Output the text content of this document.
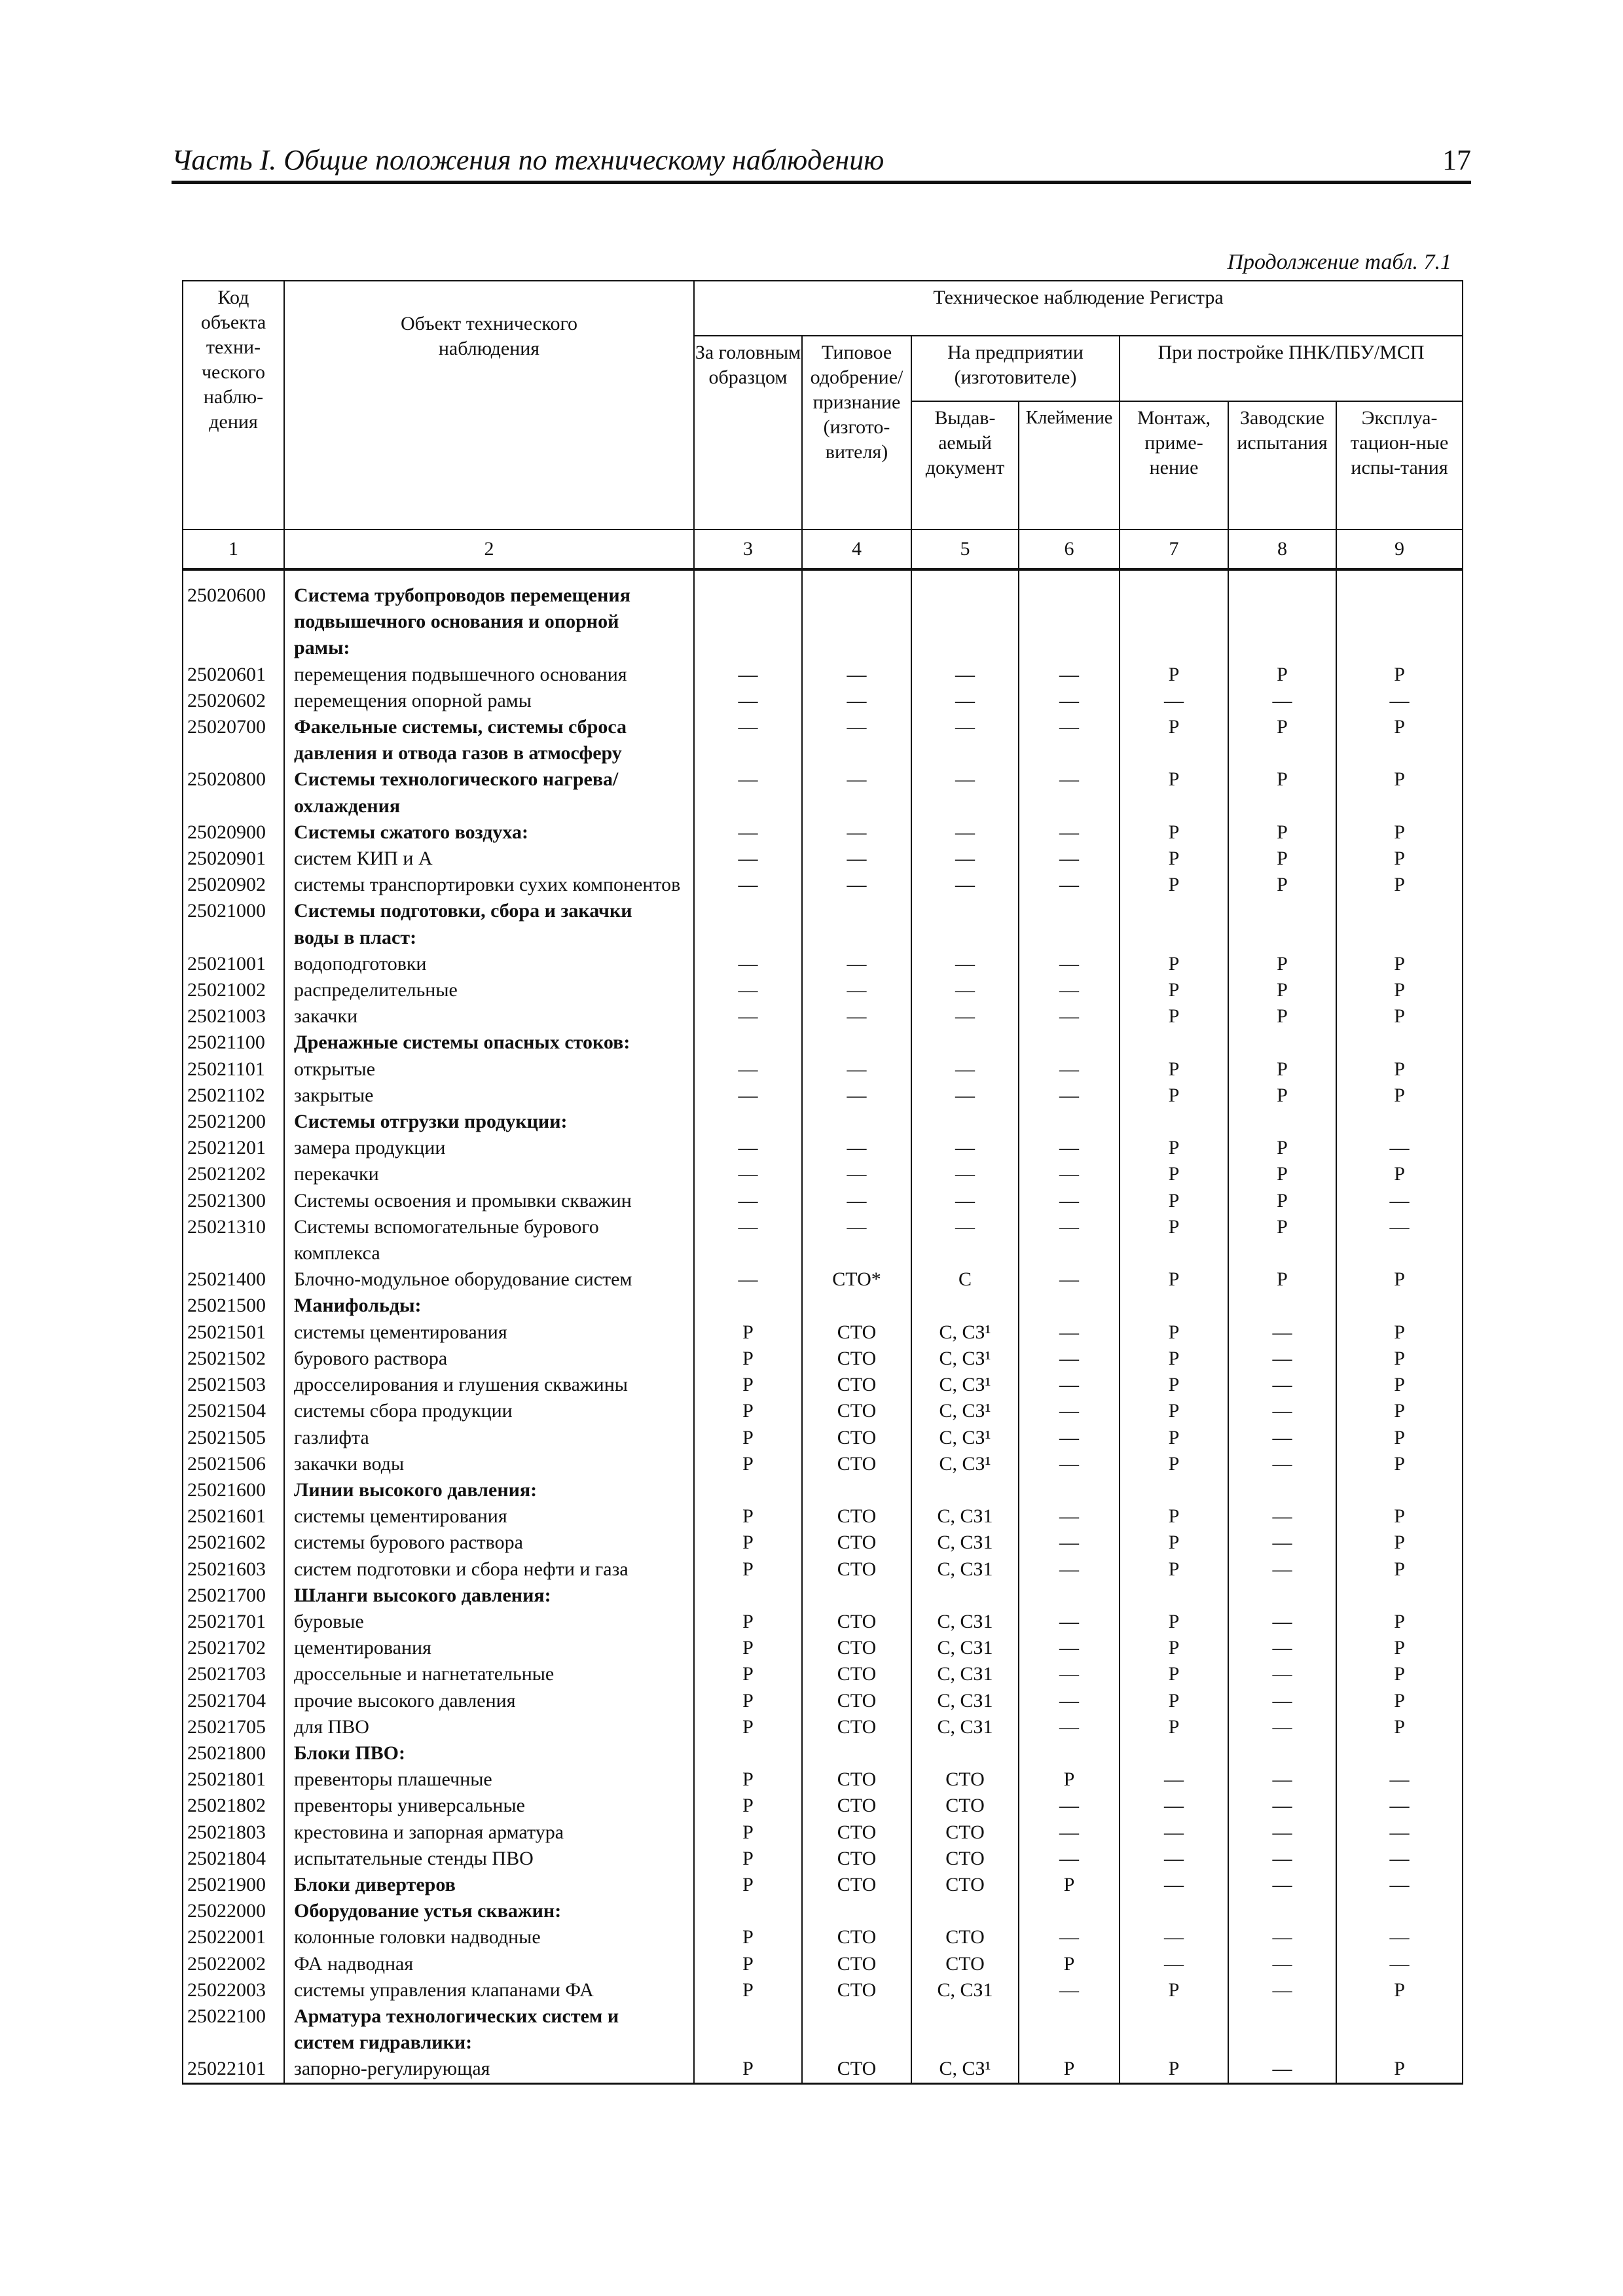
Часть I. Общие положения по техническому наблюдению	17
Продолжение табл. 7.1
Код объекта техни-ческого наблю-дения	Объект технического наблюдения	Техническое наблюдение Регистра						
		За головным образцом	Типовое одобрение/ признание (изгото-вителя)	На предприятии (изготовителе)		При постройке ПНК/ПБУ/МСП		
				Выдав-аемый документ	Клеймение	Монтаж, приме-нение	Заводские испытания	Эксплуа-тацион-ные испы-тания
1	2	3	4	5	6	7	8	9
25020600	Система трубопроводов перемещения							
	подвышечного основания и опорной							
	рамы:							
25020601	перемещения подвышечного основания	—	—	—	—	Р	Р	Р
25020602	перемещения опорной рамы	—	—	—	—	—	—	—
25020700	Факельные системы, системы сброса	—	—	—	—	Р	Р	Р
	давления и отвода газов в атмосферу							
25020800	Системы технологического нагрева/	—	—	—	—	Р	Р	Р
	охлаждения							
25020900	Системы сжатого воздуха:	—	—	—	—	Р	Р	Р
25020901	систем КИП и А	—	—	—	—	Р	Р	Р
25020902	системы транспортировки сухих компонентов	—	—	—	—	Р	Р	Р
25021000	Системы подготовки, сбора и закачки							
	воды в пласт:							
25021001	водоподготовки	—	—	—	—	Р	Р	Р
25021002	распределительные	—	—	—	—	Р	Р	Р
25021003	закачки	—	—	—	—	Р	Р	Р
25021100	Дренажные системы опасных стоков:							
25021101	открытые	—	—	—	—	Р	Р	Р
25021102	закрытые	—	—	—	—	Р	Р	Р
25021200	Системы отгрузки продукции:							
25021201	замера продукции	—	—	—	—	Р	Р	—
25021202	перекачки	—	—	—	—	Р	Р	Р
25021300	Системы освоения и промывки скважин	—	—	—	—	Р	Р	—
25021310	Системы вспомогательные бурового	—	—	—	—	Р	Р	—
	комплекса							
25021400	Блочно-модульное оборудование систем	—	СТО*	С	—	Р	Р	Р
25021500	Манифольды:							
25021501	системы цементирования	Р	СТО	С, СЗ¹	—	Р	—	Р
25021502	бурового раствора	Р	СТО	С, СЗ¹	—	Р	—	Р
25021503	дросселирования и глушения скважины	Р	СТО	С, СЗ¹	—	Р	—	Р
25021504	системы сбора продукции	Р	СТО	С, СЗ¹	—	Р	—	Р
25021505	газлифта	Р	СТО	С, СЗ¹	—	Р	—	Р
25021506	закачки воды	Р	СТО	С, СЗ¹	—	Р	—	Р
25021600	Линии высокого давления:							
25021601	системы цементирования	Р	СТО	С, СЗ1	—	Р	—	Р
25021602	системы бурового раствора	Р	СТО	С, СЗ1	—	Р	—	Р
25021603	систем подготовки и сбора нефти и газа	Р	СТО	С, СЗ1	—	Р	—	Р
25021700	Шланги высокого давления:							
25021701	буровые	Р	СТО	С, СЗ1	—	Р	—	Р
25021702	цементирования	Р	СТО	С, СЗ1	—	Р	—	Р
25021703	дроссельные и нагнетательные	Р	СТО	С, СЗ1	—	Р	—	Р
25021704	прочие высокого давления	Р	СТО	С, СЗ1	—	Р	—	Р
25021705	для ПВО	Р	СТО	С, СЗ1	—	Р	—	Р
25021800	Блоки ПВО:							
25021801	превенторы плашечные	Р	СТО	СТО	Р	—	—	—
25021802	превенторы универсальные	Р	СТО	СТО	—	—	—	—
25021803	крестовина и запорная арматура	Р	СТО	СТО	—	—	—	—
25021804	испытательные стенды ПВО	Р	СТО	СТО	—	—	—	—
25021900	Блоки дивертеров	Р	СТО	СТО	Р	—	—	—
25022000	Оборудование устья скважин:							
25022001	колонные головки надводные	Р	СТО	СТО	—	—	—	—
25022002	ФА надводная	Р	СТО	СТО	Р	—	—	—
25022003	системы управления клапанами ФА	Р	СТО	С, СЗ1	—	Р	—	Р
25022100	Арматура технологических систем и							
	систем гидравлики:							
25022101	запорно-регулирующая	Р	СТО	С, СЗ¹	Р	Р	—	Р
